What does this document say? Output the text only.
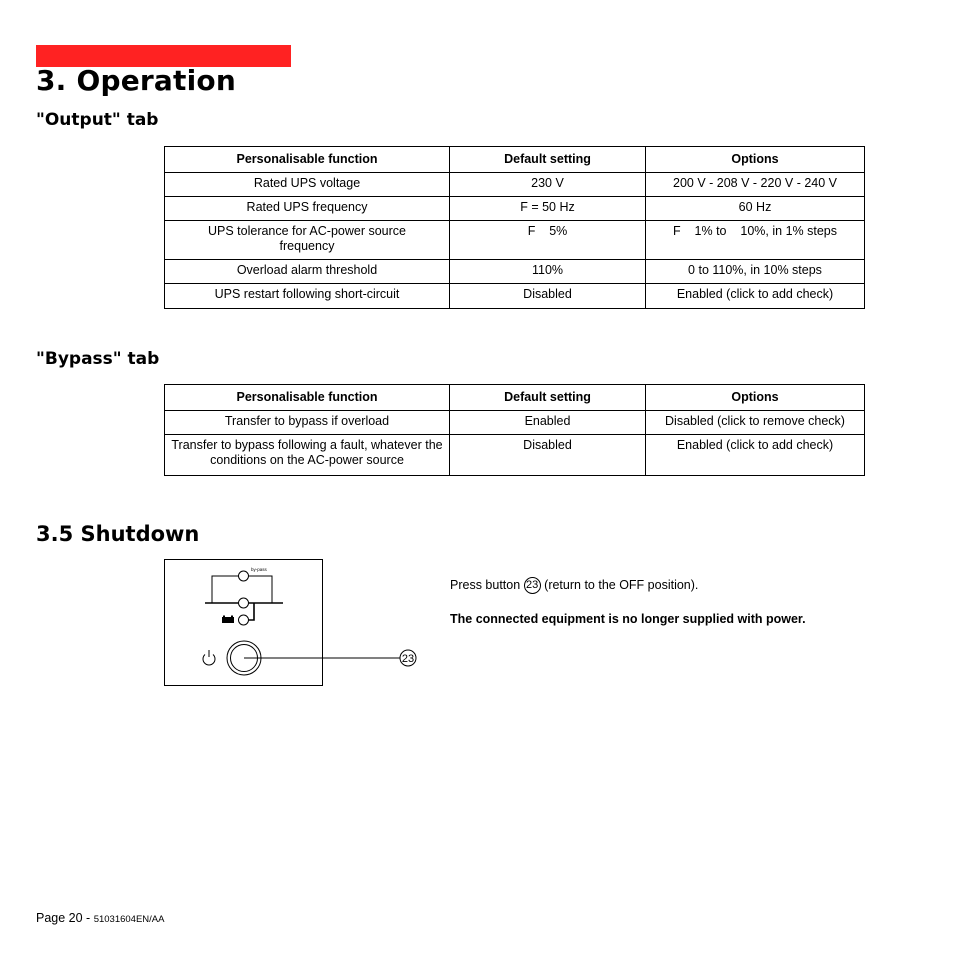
3. Operation
"Output" tab
Personalisable function	Default setting	Options
Rated UPS voltage	230 V	200 V - 208 V - 220 V - 240 V
Rated UPS frequency	F = 50 Hz	60 Hz
UPS tolerance for AC-power source frequency	F    5%	F    1% to    10%, in 1% steps
Overload alarm threshold	110%	0 to 110%, in 10% steps
UPS restart following short-circuit	Disabled	Enabled (click to add check)
"Bypass" tab
Personalisable function	Default setting	Options
Transfer to bypass if overload	Enabled	Disabled (click to remove check)
Transfer to bypass following a fault, whatever the conditions on the AC-power source	Disabled	Enabled (click to add check)
3.5 Shutdown
by-pass
23
Press button 23 (return to the OFF position).
The connected equipment is no longer supplied with power.
Page 20 - 51031604EN/AA
